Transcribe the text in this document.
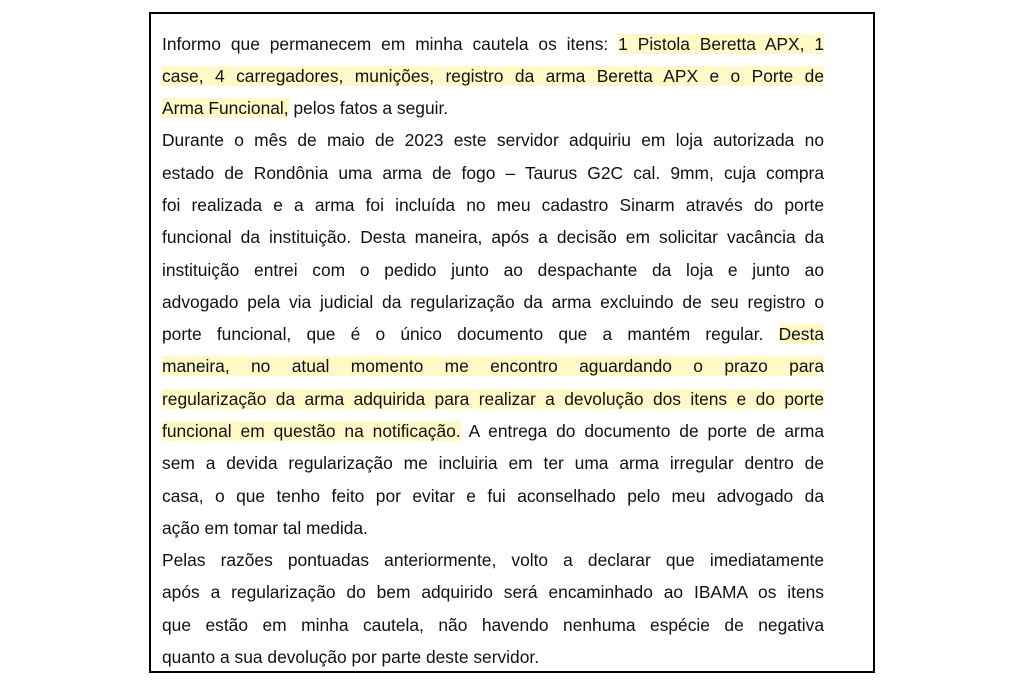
Informo que permanecem em minha cautela os itens: 1 Pistola Beretta APX, 1

case, 4 carregadores, munições, registro da arma Beretta APX e o Porte de

Arma Funcional, pelos fatos a seguir.

Durante o mês de maio de 2023 este servidor adquiriu em loja autorizada no

estado de Rondônia uma arma de fogo – Taurus G2C cal. 9mm, cuja compra

foi realizada e a arma foi incluída no meu cadastro Sinarm através do porte

funcional da instituição. Desta maneira, após a decisão em solicitar vacância da

instituição entrei com o pedido junto ao despachante da loja e junto ao

advogado pela via judicial da regularização da arma excluindo de seu registro o

porte funcional, que é o único documento que a mantém regular. Desta

maneira, no atual momento me encontro aguardando o prazo para

regularização da arma adquirida para realizar a devolução dos itens e do porte

funcional em questão na notificação. A entrega do documento de porte de arma

sem a devida regularização me incluiria em ter uma arma irregular dentro de

casa, o que tenho feito por evitar e fui aconselhado pelo meu advogado da

ação em tomar tal medida.

Pelas razões pontuadas anteriormente, volto a declarar que imediatamente

após a regularização do bem adquirido será encaminhado ao IBAMA os itens

que estão em minha cautela, não havendo nenhuma espécie de negativa

quanto a sua devolução por parte deste servidor.
